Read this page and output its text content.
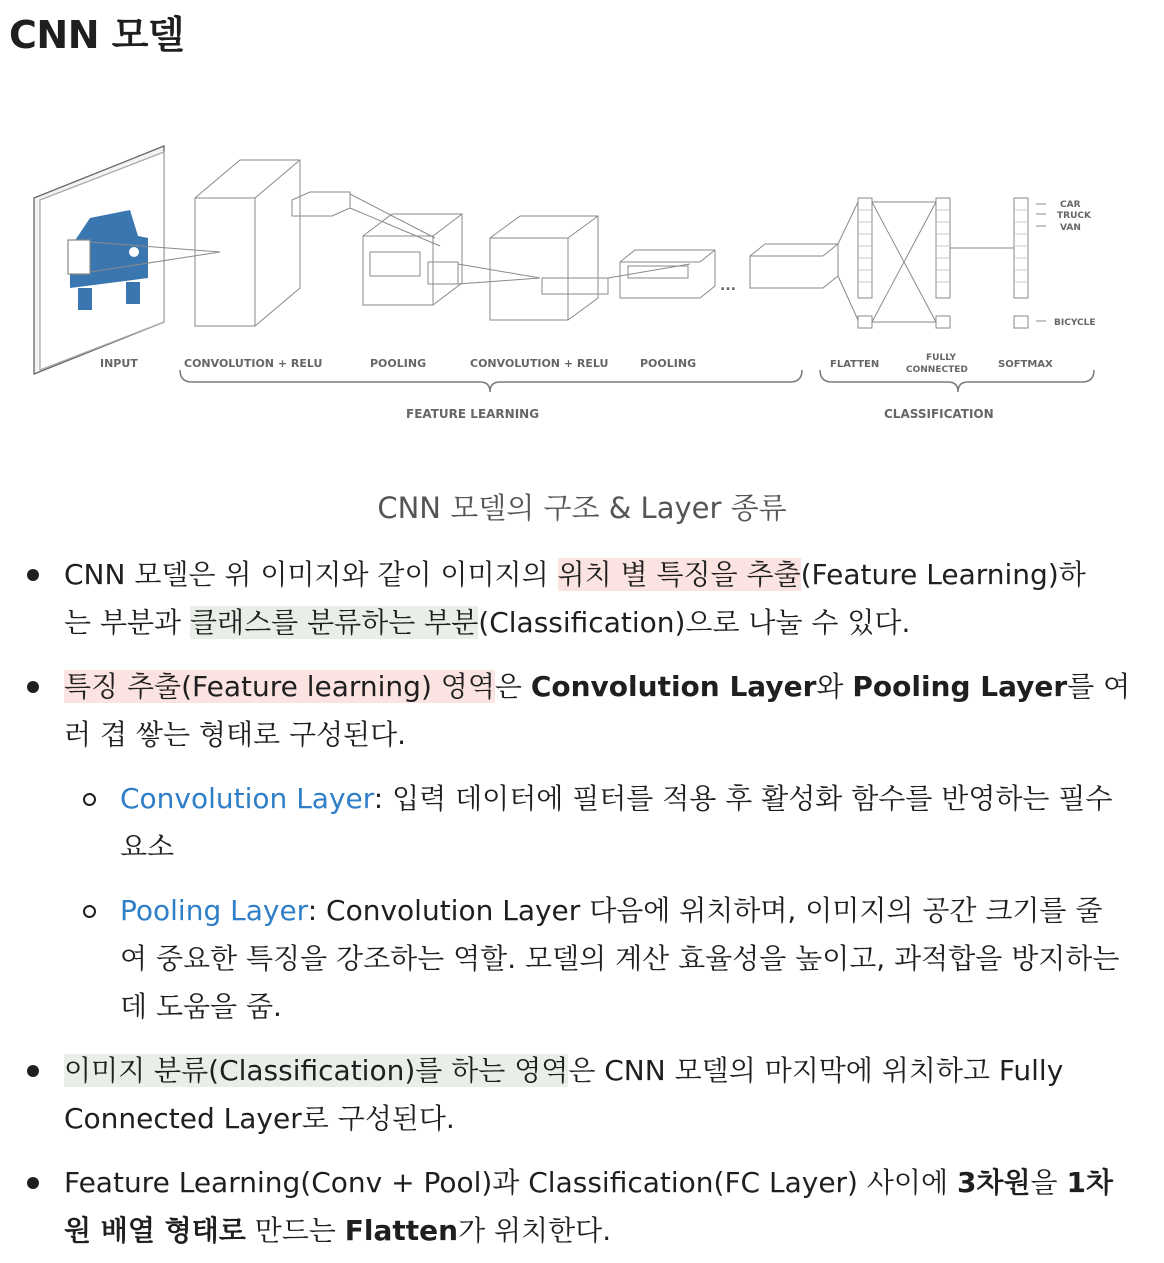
CNN 모델
INPUT	CONVOLUTION + RELU	POOLING	CONVOLUTION + RELU	POOLING	FLATTEN
FULLY
CONNECTED	SOFTMAX
FEATURE LEARNING	CLASSIFICATION
CAR
TRUCK
VAN
BICYCLE
...
CNN 모델의 구조 & Layer 종류
CNN 모델은 위 이미지와 같이 이미지의 위치 별 특징을 추출(Feature Learning)하
는 부분과 클래스를 분류하는 부분(Classification)으로 나눌 수 있다.
특징 추출(Feature learning) 영역은 Convolution Layer와 Pooling Layer를 여
러 겹 쌓는 형태로 구성된다.
Convolution Layer: 입력 데이터에 필터를 적용 후 활성화 함수를 반영하는 필수
요소
Pooling Layer: Convolution Layer 다음에 위치하며, 이미지의 공간 크기를 줄
여 중요한 특징을 강조하는 역할. 모델의 계산 효율성을 높이고, 과적합을 방지하는
데 도움을 줌.
이미지 분류(Classification)를 하는 영역은 CNN 모델의 마지막에 위치하고 Fully
Connected Layer로 구성된다.
Feature Learning(Conv + Pool)과 Classification(FC Layer) 사이에 3차원을 1차
원 배열 형태로 만드는 Flatten가 위치한다.
